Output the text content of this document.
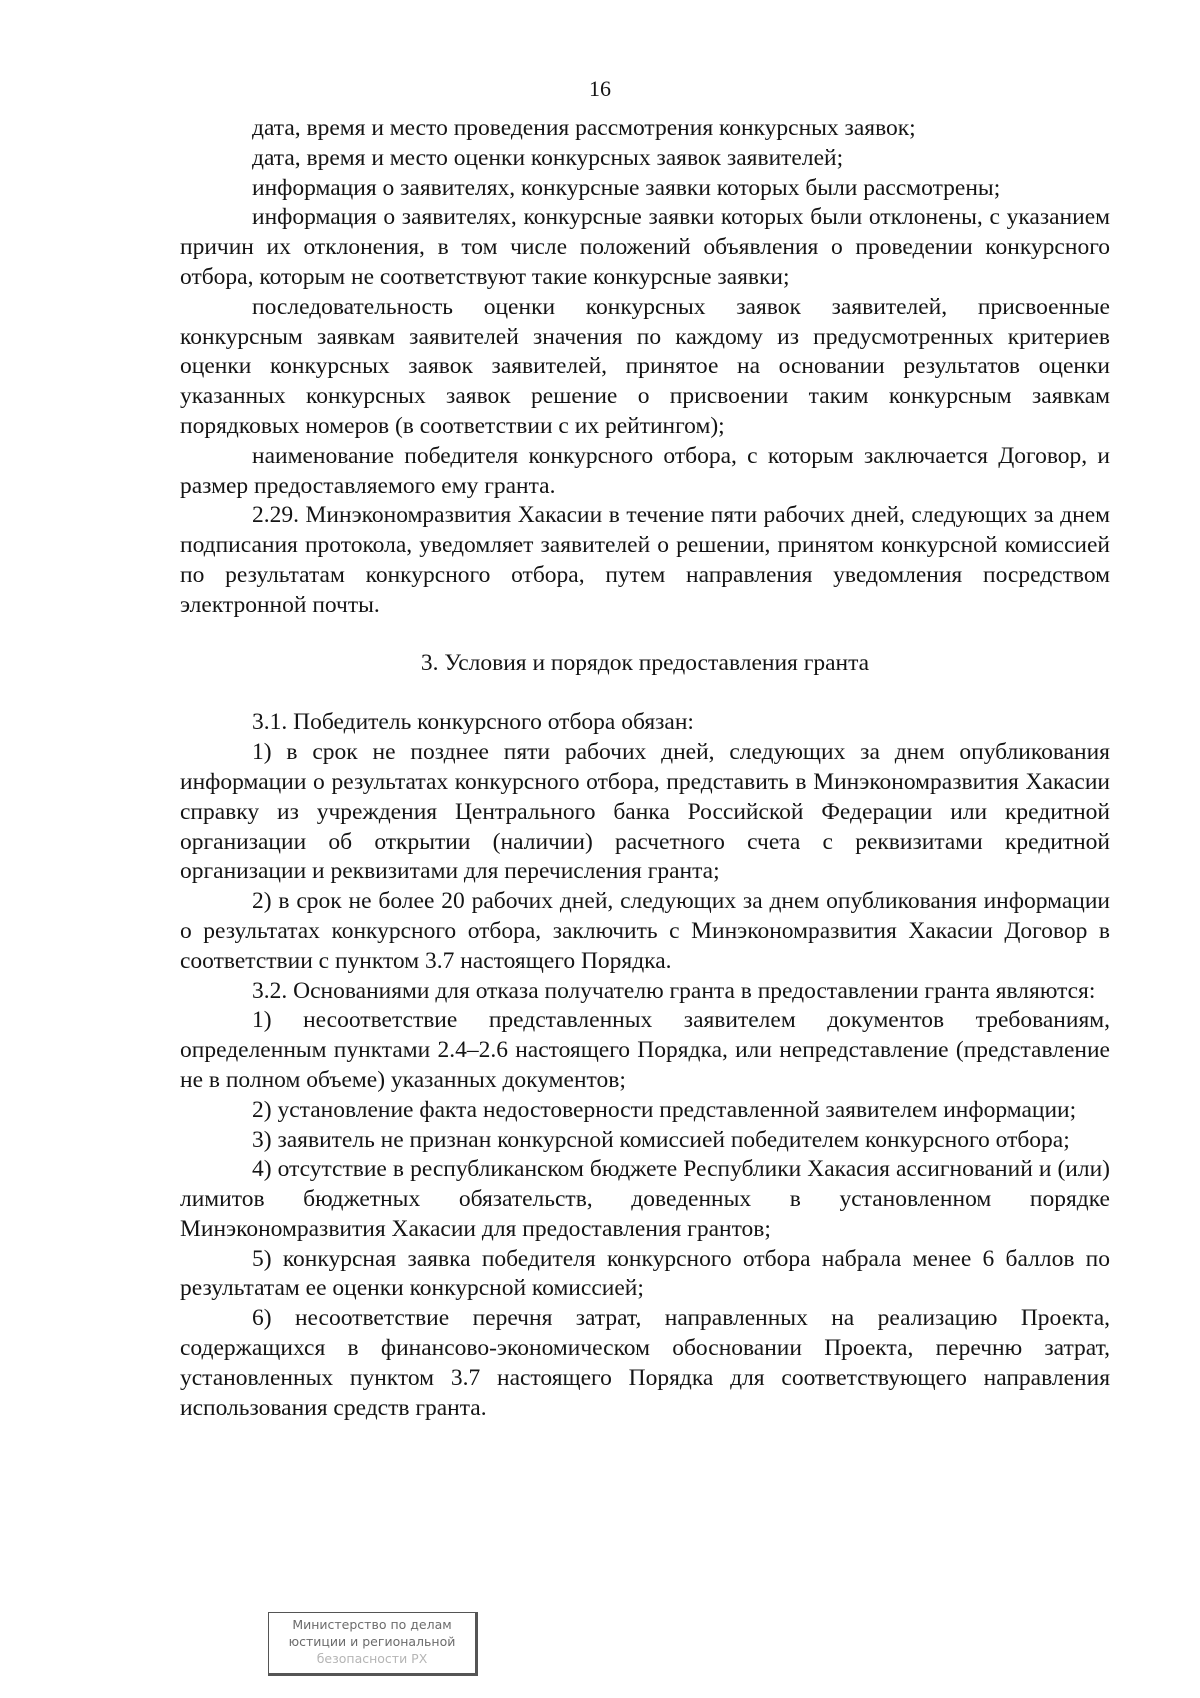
16

дата, время и место проведения рассмотрения конкурсных заявок;

дата, время и место оценки конкурсных заявок заявителей;

информация о заявителях, конкурсные заявки которых были рассмотрены;

информация о заявителях, конкурсные заявки которых были отклонены, с указанием причин их отклонения, в том числе положений объявления о проведении конкурсного отбора, которым не соответствуют такие конкурсные заявки;

последовательность оценки конкурсных заявок заявителей, присвоенные конкурсным заявкам заявителей значения по каждому из предусмотренных критериев оценки конкурсных заявок заявителей, принятое на основании результатов оценки указанных конкурсных заявок решение о присвоении таким конкурсным заявкам порядковых номеров (в соответствии с их рейтингом);

наименование победителя конкурсного отбора, с которым заключается Договор, и размер предоставляемого ему гранта.

2.29. Минэкономразвития Хакасии в течение пяти рабочих дней, следующих за днем подписания протокола, уведомляет заявителей о решении, принятом конкурсной комиссией по результатам конкурсного отбора, путем направления уведомления посредством электронной почты.

3. Условия и порядок предоставления гранта

3.1. Победитель конкурсного отбора обязан:

1) в срок не позднее пяти рабочих дней, следующих за днем опубликования информации о результатах конкурсного отбора, представить в Минэкономразвития Хакасии справку из учреждения Центрального банка Российской Федерации или кредитной организации об открытии (наличии) расчетного счета с реквизитами кредитной организации и реквизитами для перечисления гранта;

2) в срок не более 20 рабочих дней, следующих за днем опубликования информации о результатах конкурсного отбора, заключить с Минэкономразвития Хакасии Договор в соответствии с пунктом 3.7 настоящего Порядка.

3.2. Основаниями для отказа получателю гранта в предоставлении гранта являются:

1) несоответствие представленных заявителем документов требованиям, определенным пунктами 2.4–2.6 настоящего Порядка, или непредставление (представление не в полном объеме) указанных документов;

2) установление факта недостоверности представленной заявителем информации;

3) заявитель не признан конкурсной комиссией победителем конкурсного отбора;

4) отсутствие в республиканском бюджете Республики Хакасия ассигнований и (или) лимитов бюджетных обязательств, доведенных в установленном порядке Минэкономразвития Хакасии для предоставления грантов;

5) конкурсная заявка победителя конкурсного отбора набрала менее 6 баллов по результатам ее оценки конкурсной комиссией;

6) несоответствие перечня затрат, направленных на реализацию Проекта, содержащихся в финансово-экономическом обосновании Проекта, перечню затрат, установленных пунктом 3.7 настоящего Порядка для соответствующего направления использования средств гранта.

Министерство по делам
юстиции и региональной
безопасности РХ
